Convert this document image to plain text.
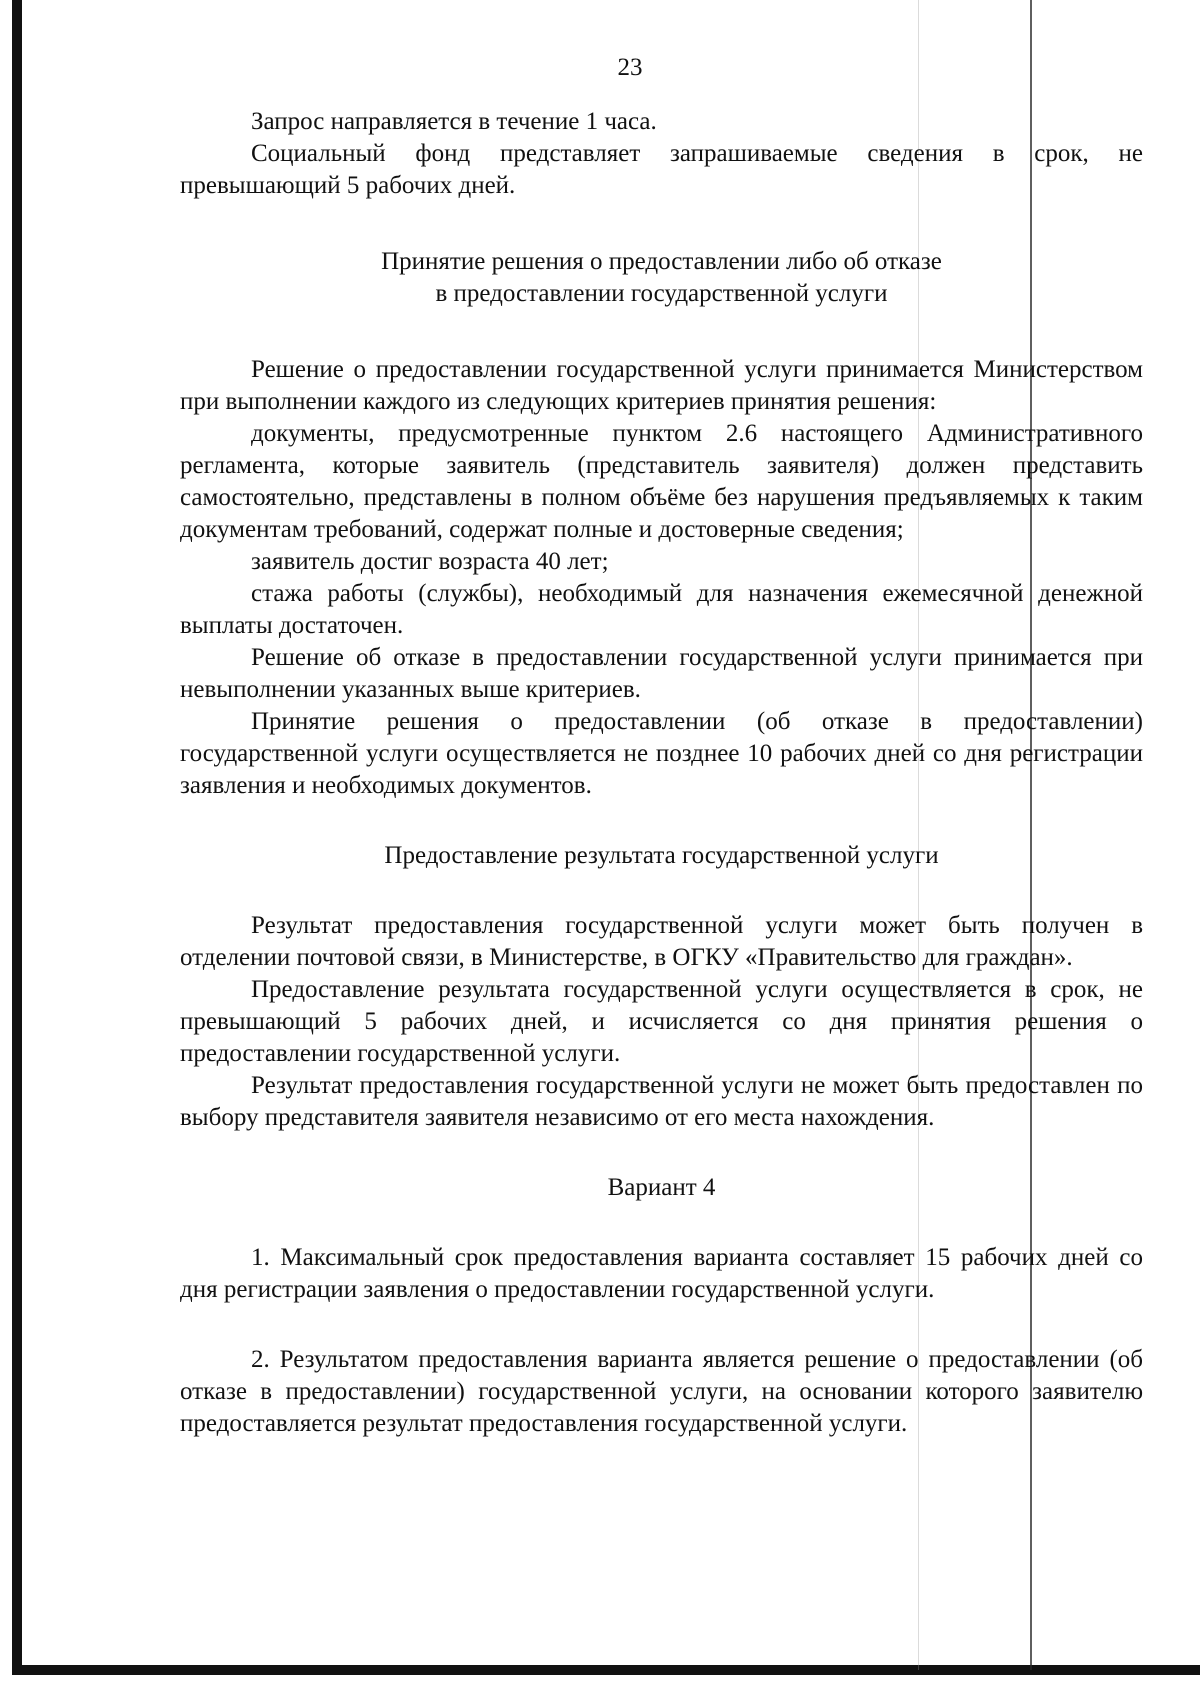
23

Запрос направляется в течение 1 часа.

Социальный фонд представляет запрашиваемые сведения в срок, не превышающий 5 рабочих дней.

Принятие решения о предоставлении либо об отказе
в предоставлении государственной услуги

Решение о предоставлении государственной услуги принимается Министерством при выполнении каждого из следующих критериев принятия решения:

документы, предусмотренные пунктом 2.6 настоящего Административного регламента, которые заявитель (представитель заявителя) должен представить самостоятельно, представлены в полном объёме без нарушения предъявляемых к таким документам требований, содержат полные и достоверные сведения;

заявитель достиг возраста 40 лет;

стажа работы (службы), необходимый для назначения ежемесячной денежной выплаты достаточен.

Решение об отказе в предоставлении государственной услуги принимается при невыполнении указанных выше критериев.

Принятие решения о предоставлении (об отказе в предоставлении) государственной услуги осуществляется не позднее 10 рабочих дней со дня регистрации заявления и необходимых документов.

Предоставление результата государственной услуги

Результат предоставления государственной услуги может быть получен в отделении почтовой связи, в Министерстве, в ОГКУ «Правительство для граждан».

Предоставление результата государственной услуги осуществляется в срок, не превышающий 5 рабочих дней, и исчисляется со дня принятия решения о предоставлении государственной услуги.

Результат предоставления государственной услуги не может быть предоставлен по выбору представителя заявителя независимо от его места нахождения.

Вариант 4

1. Максимальный срок предоставления варианта составляет 15 рабочих дней со дня регистрации заявления о предоставлении государственной услуги.

2. Результатом предоставления варианта является решение о предоставлении (об отказе в предоставлении) государственной услуги, на основании которого заявителю предоставляется результат предоставления государственной услуги.
